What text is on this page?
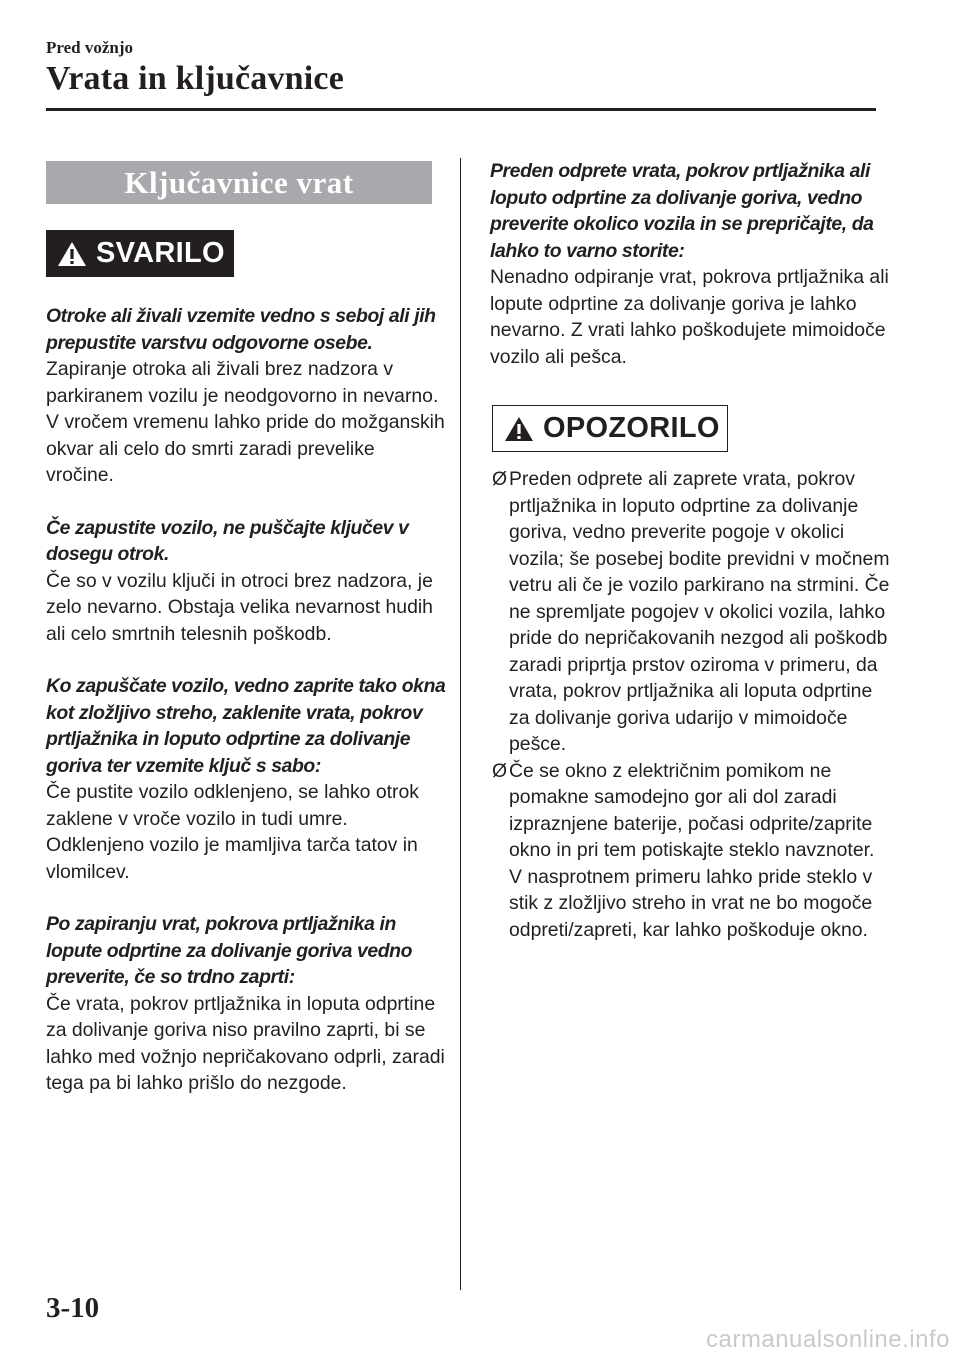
Pred vožnjo
Vrata in ključavnice
Ključavnice vrat
SVARILO

Otroke ali živali vzemite vedno s seboj ali jih prepustite varstvu odgovorne osebe.

Zapiranje otroka ali živali brez nadzora v parkiranem vozilu je neodgovorno in nevarno. V vročem vremenu lahko pride do možganskih okvar ali celo do smrti zaradi prevelike vročine.

Če zapustite vozilo, ne puščajte ključev v dosegu otrok.

Če so v vozilu ključi in otroci brez nadzora, je zelo nevarno. Obstaja velika nevarnost hudih ali celo smrtnih telesnih poškodb.

Ko zapuščate vozilo, vedno zaprite tako okna kot zložljivo streho, zaklenite vrata, pokrov prtljažnika in loputo odprtine za dolivanje goriva ter vzemite ključ s sabo:

Če pustite vozilo odklenjeno, se lahko otrok zaklene v vroče vozilo in tudi umre. Odklenjeno vozilo je mamljiva tarča tatov in vlomilcev.

Po zapiranju vrat, pokrova prtljažnika in lopute odprtine za dolivanje goriva vedno preverite, če so trdno zaprti:

Če vrata, pokrov prtljažnika in loputa odprtine za dolivanje goriva niso pravilno zaprti, bi se lahko med vožnjo nepričakovano odprli, zaradi tega pa bi lahko prišlo do nezgode.

Preden odprete vrata, pokrov prtljažnika ali loputo odprtine za dolivanje goriva, vedno preverite okolico vozila in se prepričajte, da lahko to varno storite:

Nenadno odpiranje vrat, pokrova prtljažnika ali lopute odprtine za dolivanje goriva je lahko nevarno. Z vrati lahko poškodujete mimoidoče vozilo ali pešca.

OPOZORILO
Ø Preden odprete ali zaprete vrata, pokrov prtljažnika in loputo odprtine za dolivanje goriva, vedno preverite pogoje v okolici vozila; še posebej bodite previdni v močnem vetru ali če je vozilo parkirano na strmini. Če ne spremljate pogojev v okolici vozila, lahko pride do nepričakovanih nezgod ali poškodb zaradi priprtja prstov oziroma v primeru, da vrata, pokrov prtljažnika ali loputa odprtine za dolivanje goriva udarijo v mimoidoče pešce.
Ø Če se okno z električnim pomikom ne pomakne samodejno gor ali dol zaradi izpraznjene baterije, počasi odprite/zaprite okno in pri tem potiskajte steklo navznoter. V nasprotnem primeru lahko pride steklo v stik z zložljivo streho in vrat ne bo mogoče odpreti/zapreti, kar lahko poškoduje okno.
3-10
carmanualsonline.info
